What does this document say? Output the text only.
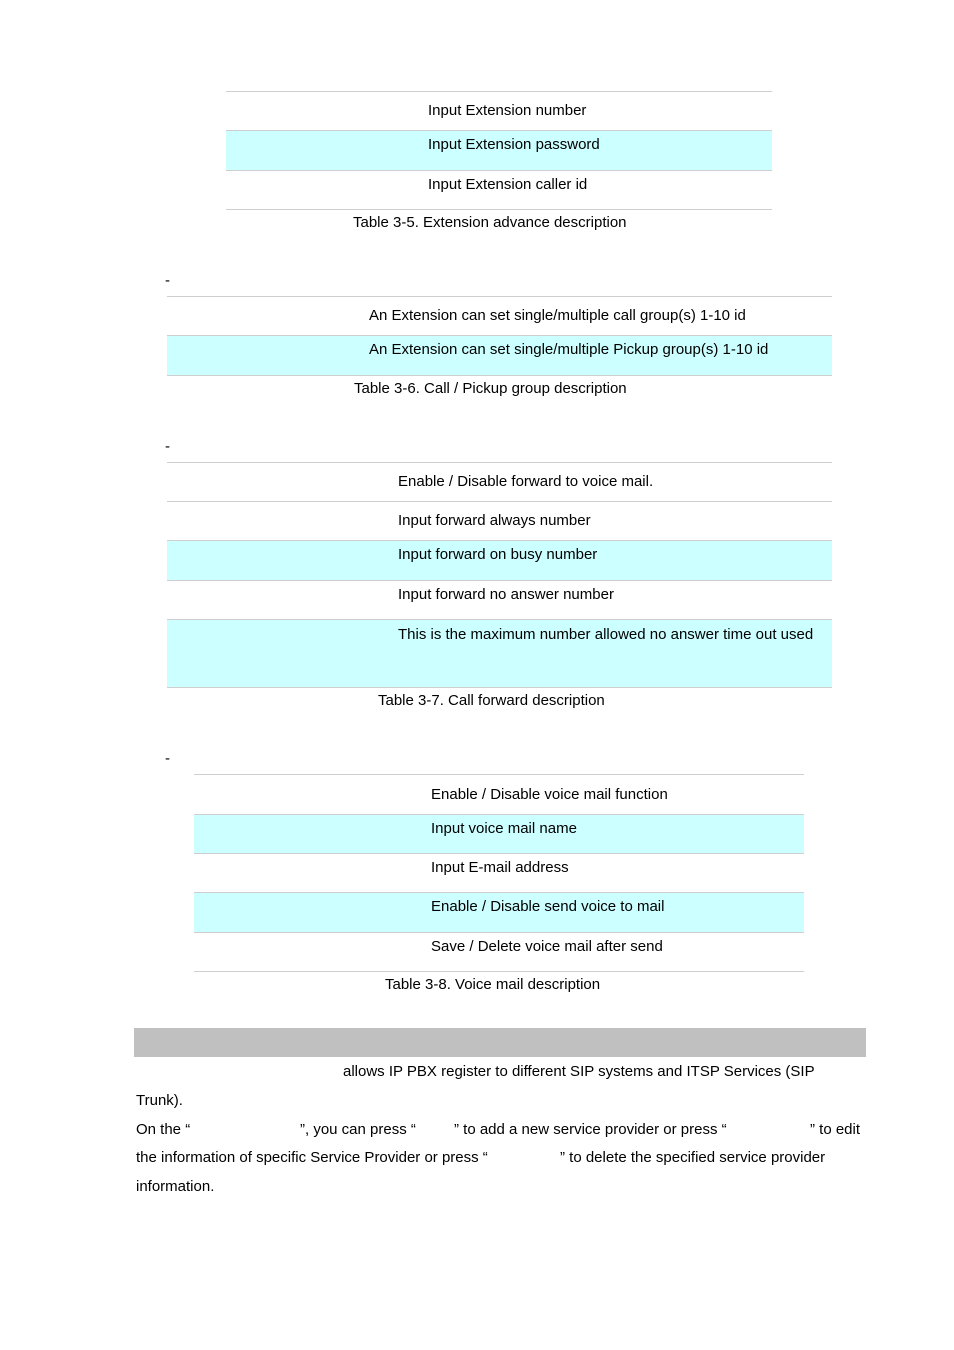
Input Extension number
Input Extension password
Input Extension caller id
Table 3-5. Extension advance description
-
An Extension can set single/multiple call group(s) 1-10 id
An Extension can set single/multiple Pickup group(s) 1-10 id
Table 3-6. Call / Pickup group description
-
Enable / Disable forward to voice mail.
Input forward always number
Input forward on busy number
Input forward no answer number
This is the maximum number allowed no answer time out used
Table 3-7. Call forward description
-
Enable / Disable voice mail function
Input voice mail name
Input E-mail address
Enable / Disable send voice to mail
Save / Delete voice mail after send
Table 3-8. Voice mail description
allows IP PBX register to different SIP systems and ITSP Services (SIP
Trunk).
On the “	”, you can press “	” to add a new service provider or press “	” to edit
the information of specific Service Provider or press “	” to delete the specified service provider
information.
